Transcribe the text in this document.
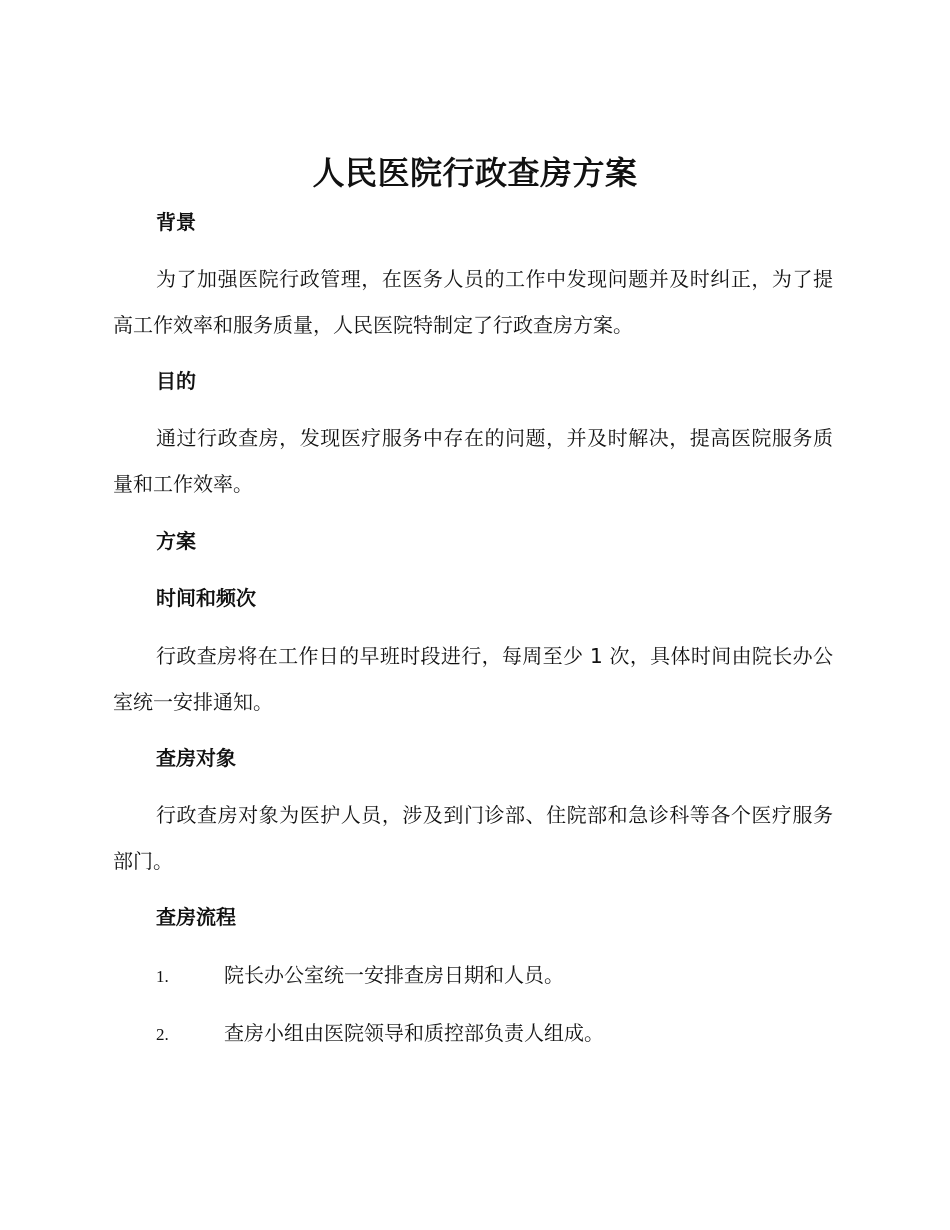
人民医院行政查房方案
背景

为了加强医院行政管理，在医务人员的工作中发现问题并及时纠正，为了提高工作效率和服务质量，人民医院特制定了行政查房方案。

目的

通过行政查房，发现医疗服务中存在的问题，并及时解决，提高医院服务质量和工作效率。

方案
时间和频次

行政查房将在工作日的早班时段进行，每周至少 1 次，具体时间由院长办公室统一安排通知。

查房对象

行政查房对象为医护人员，涉及到门诊部、住院部和急诊科等各个医疗服务部门。

查房流程
1.	院长办公室统一安排查房日期和人员。
2.	查房小组由医院领导和质控部负责人组成。
